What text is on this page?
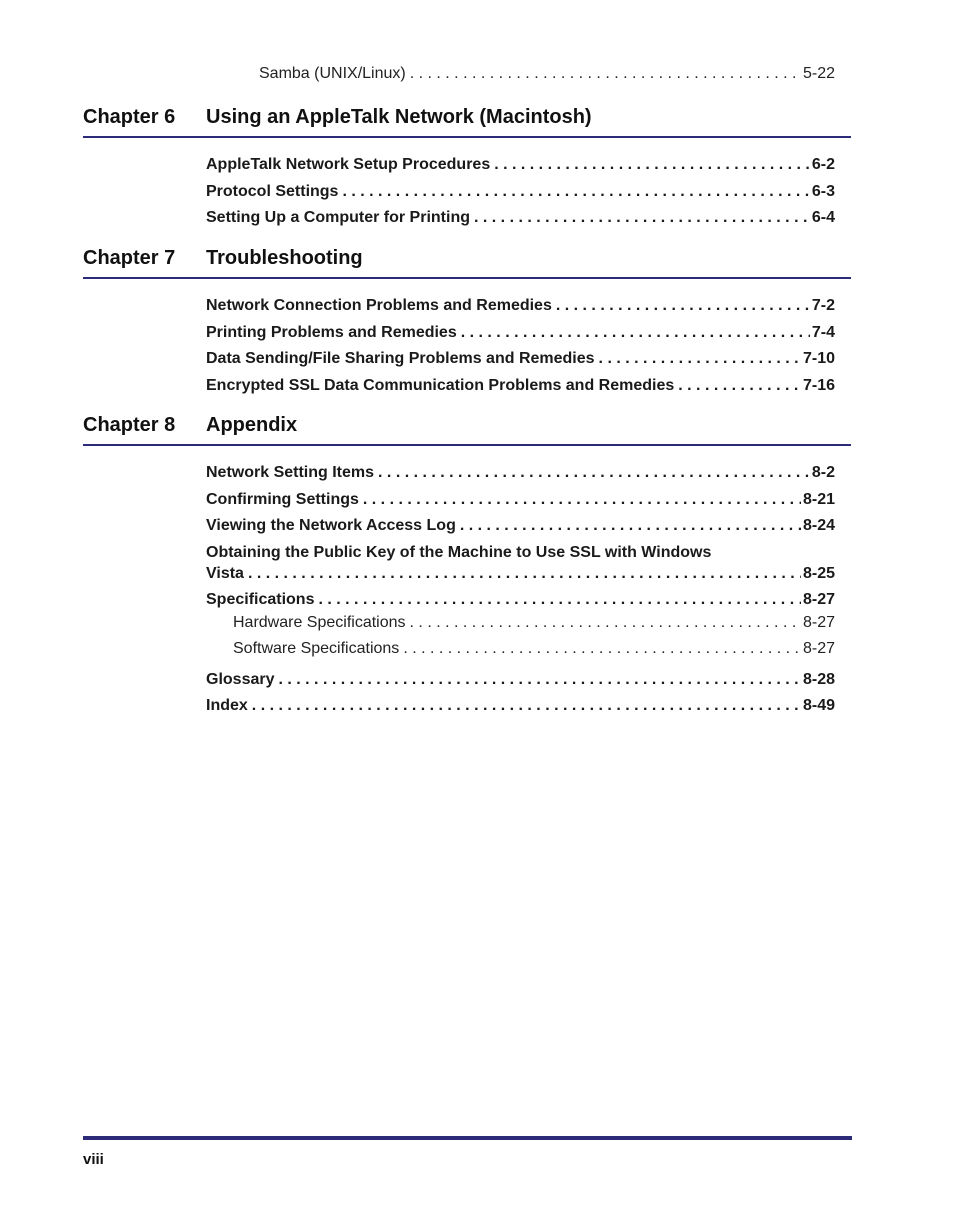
Samba (UNIX/Linux) . . .	5-22
Chapter 6 Using an AppleTalk Network (Macintosh)
AppleTalk Network Setup Procedures . . .	6-2
Protocol Settings . . .	6-3
Setting Up a Computer for Printing . . .	6-4
Chapter 7 Troubleshooting
Network Connection Problems and Remedies . . .	7-2
Printing Problems and Remedies . . .	7-4
Data Sending/File Sharing Problems and Remedies . . .	7-10
Encrypted SSL Data Communication Problems and Remedies . . .	7-16
Chapter 8 Appendix
Network Setting Items . . .	8-2
Confirming Settings . . .	8-21
Viewing the Network Access Log . . .	8-24
Obtaining the Public Key of the Machine to Use SSL with Windows
Vista . . .	8-25
Specifications . . .	8-27
Hardware Specifications . . .	8-27
Software Specifications . . .	8-27
Glossary . . .	8-28
Index . . .	8-49
viii
